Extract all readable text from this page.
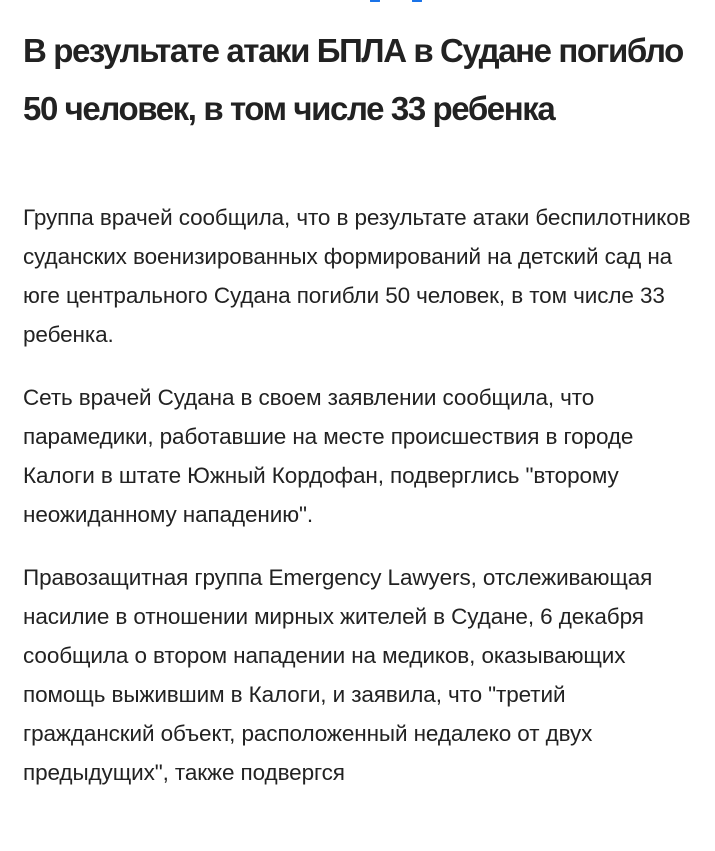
В результате атаки БПЛА в Судане погибло 50 человек, в том числе 33 ребенка

Группа врачей сообщила, что в результате атаки беспилотников суданских военизированных формирований на детский сад на юге центрального Судана погибли 50 человек, в том числе 33 ребенка.

Сеть врачей Судана в своем заявлении сообщила, что парамедики, работавшие на месте происшествия в городе Калоги в штате Южный Кордофан, подверглись "второму неожиданному нападению".

Правозащитная группа Emergency Lawyers, отслеживающая насилие в отношении мирных жителей в Судане, 6 декабря сообщила о втором нападении на медиков, оказывающих помощь выжившим в Калоги, и заявила, что "третий гражданский объект, расположенный недалеко от двух предыдущих", также подвергся
